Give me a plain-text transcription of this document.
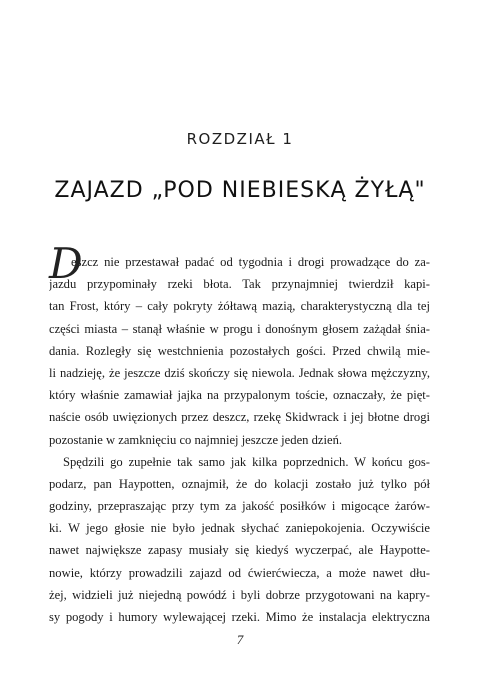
ROZDZIAŁ 1
ZAJAZD „POD NIEBIESKĄ ŻYŁĄ"
D
eszcz nie przestawał padać od tygodnia i drogi prowadzące do za-
jazdu przypominały rzeki błota. Tak przynajmniej twierdził kapi-
tan Frost, który – cały pokryty żółtawą mazią, charakterystyczną dla tej
części miasta – stanął właśnie w progu i donośnym głosem zażądał śnia-
dania. Rozległy się westchnienia pozostałych gości. Przed chwilą mie-
li nadzieję, że jeszcze dziś skończy się niewola. Jednak słowa mężczyzny,
który właśnie zamawiał jajka na przypalonym toście, oznaczały, że pięt-
naście osób uwięzionych przez deszcz, rzekę Skidwrack i jej błotne drogi
pozostanie w zamknięciu co najmniej jeszcze jeden dzień.
Spędzili go zupełnie tak samo jak kilka poprzednich. W końcu gos-
podarz, pan Haypotten, oznajmił, że do kolacji zostało już tylko pół
godziny, przepraszając przy tym za jakość posiłków i migocące żarów-
ki. W jego głosie nie było jednak słychać zaniepokojenia. Oczywiście
nawet największe zapasy musiały się kiedyś wyczerpać, ale Haypotte-
nowie, którzy prowadzili zajazd od ćwierćwiecza, a może nawet dłu-
żej, widzieli już niejedną powódź i byli dobrze przygotowani na kapry-
sy pogody i humory wylewającej rzeki. Mimo że instalacja elektryczna
7
